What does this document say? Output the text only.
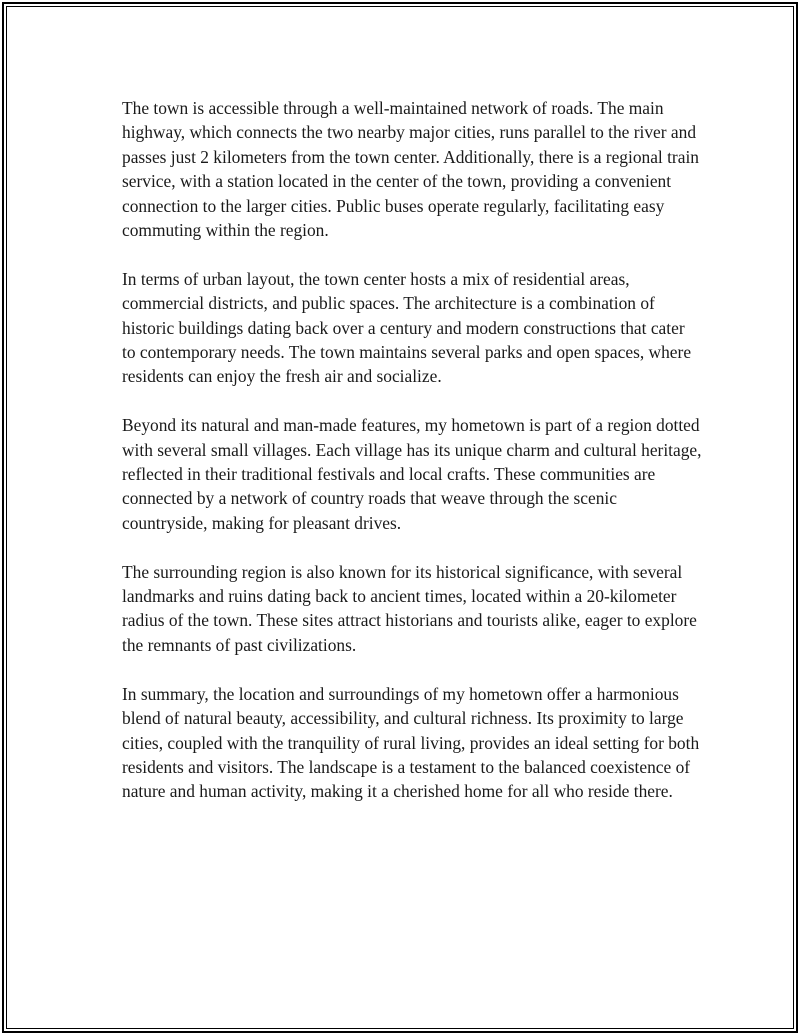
The town is accessible through a well-maintained network of roads. The main highway, which connects the two nearby major cities, runs parallel to the river and passes just 2 kilometers from the town center. Additionally, there is a regional train service, with a station located in the center of the town, providing a convenient connection to the larger cities. Public buses operate regularly, facilitating easy commuting within the region.

In terms of urban layout, the town center hosts a mix of residential areas, commercial districts, and public spaces. The architecture is a combination of historic buildings dating back over a century and modern constructions that cater to contemporary needs. The town maintains several parks and open spaces, where residents can enjoy the fresh air and socialize.

Beyond its natural and man-made features, my hometown is part of a region dotted with several small villages. Each village has its unique charm and cultural heritage, reflected in their traditional festivals and local crafts. These communities are connected by a network of country roads that weave through the scenic countryside, making for pleasant drives.

The surrounding region is also known for its historical significance, with several landmarks and ruins dating back to ancient times, located within a 20-kilometer radius of the town. These sites attract historians and tourists alike, eager to explore the remnants of past civilizations.

In summary, the location and surroundings of my hometown offer a harmonious blend of natural beauty, accessibility, and cultural richness. Its proximity to large cities, coupled with the tranquility of rural living, provides an ideal setting for both residents and visitors. The landscape is a testament to the balanced coexistence of nature and human activity, making it a cherished home for all who reside there.
